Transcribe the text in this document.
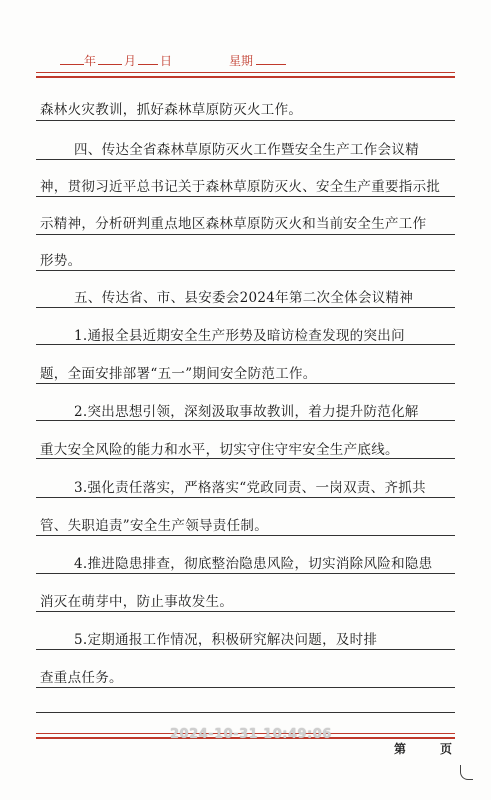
年 月 日	星期
森林火灾教训，抓好森林草原防灭火工作。
四、传达全省森林草原防灭火工作暨安全生产工作会议精
神，贯彻习近平总书记关于森林草原防灭火、安全生产重要指示批
示精神，分析研判重点地区森林草原防灭火和当前安全生产工作
形势。
五、传达省、市、县安委会2024年第二次全体会议精神
1.通报全县近期安全生产形势及暗访检查发现的突出问
题，全面安排部署“五一”期间安全防范工作。
2.突出思想引领，深刻汲取事故教训，着力提升防范化解
重大安全风险的能力和水平，切实守住守牢安全生产底线。
3.强化责任落实，严格落实“党政同责、一岗双责、齐抓共
管、失职追责”安全生产领导责任制。
4.推进隐患排查，彻底整治隐患风险，切实消除风险和隐患
消灭在萌芽中，防止事故发生。
5.定期通报工作情况，积极研究解决问题，及时排
查重点任务。
2024-10-31 10:49:06
第	页
